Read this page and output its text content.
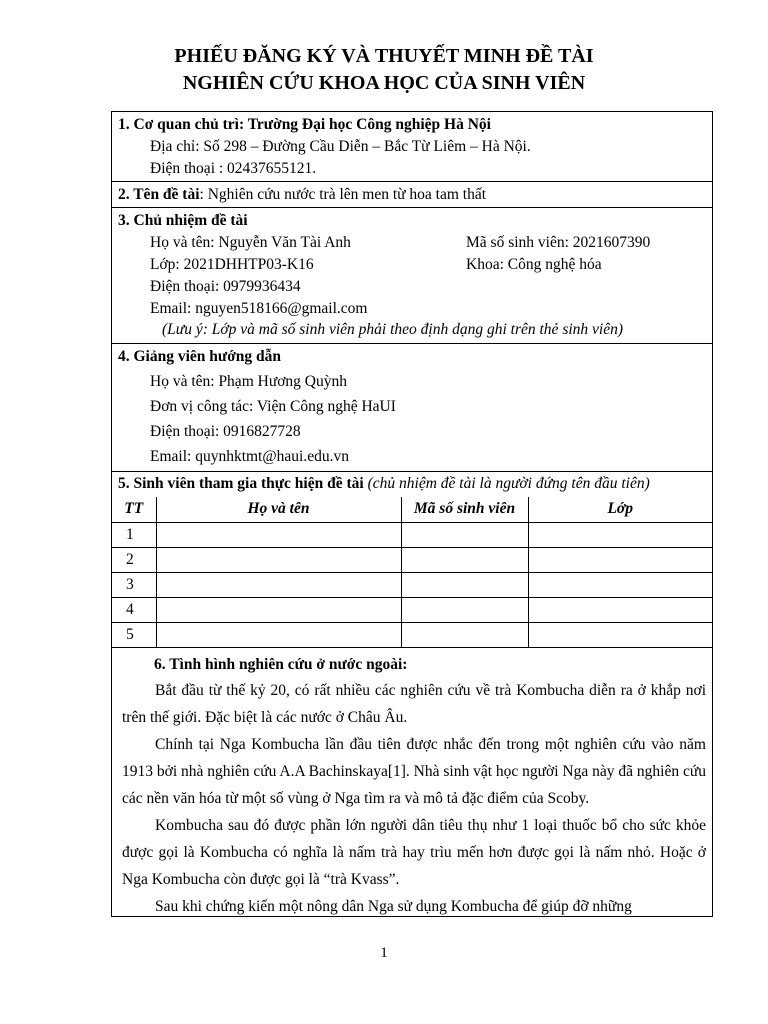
PHIẾU ĐĂNG KÝ VÀ THUYẾT MINH ĐỀ TÀI
NGHIÊN CỨU KHOA HỌC CỦA SINH VIÊN
1. Cơ quan chủ trì: Trường Đại học Công nghiệp Hà Nội
Địa chỉ: Số 298 – Đường Cầu Diễn – Bắc Từ Liêm – Hà Nội.
Điện thoại : 02437655121.
2. Tên đề tài: Nghiên cứu nước trà lên men từ hoa tam thất
3. Chủ nhiệm đề tài
Họ và tên: Nguyễn Văn Tài Anh	Mã số sinh viên: 2021607390
Lớp: 2021DHHTP03-K16	Khoa: Công nghệ hóa
Điện thoại: 0979936434
Email: nguyen518166@gmail.com
(Lưu ý: Lớp và mã số sinh viên phải theo định dạng ghi trên thẻ sinh viên)
4. Giảng viên hướng dẫn
Họ và tên: Phạm Hương Quỳnh
Đơn vị công tác: Viện Công nghệ HaUI
Điện thoại: 0916827728
Email: quynhktmt@haui.edu.vn
5. Sinh viên tham gia thực hiện đề tài (chủ nhiệm đề tài là người đứng tên đầu tiên)
TT	Họ và tên	Mã số sinh viên	Lớp
1			
2			
3			
4			
5			
6. Tình hình nghiên cứu ở nước ngoài:
Bắt đầu từ thế kỷ 20, có rất nhiều các nghiên cứu về trà Kombucha diễn ra ở khắp nơi trên thế giới. Đặc biệt là các nước ở Châu Âu.
Chính tại Nga Kombucha lần đầu tiên được nhắc đến trong một nghiên cứu vào năm 1913 bởi nhà nghiên cứu A.A Bachinskaya[1]. Nhà sinh vật học người Nga này đã nghiên cứu các nền văn hóa từ một số vùng ở Nga tìm ra và mô tả đặc điểm của Scoby.
Kombucha sau đó được phần lớn người dân tiêu thụ như 1 loại thuốc bổ cho sức khỏe được gọi là Kombucha có nghĩa là nấm trà hay trìu mến hơn được gọi là nấm nhỏ. Hoặc ở Nga Kombucha còn được gọi là “trà Kvass”.
Sau khi chứng kiến một nông dân Nga sử dụng Kombucha để giúp đỡ những
1
